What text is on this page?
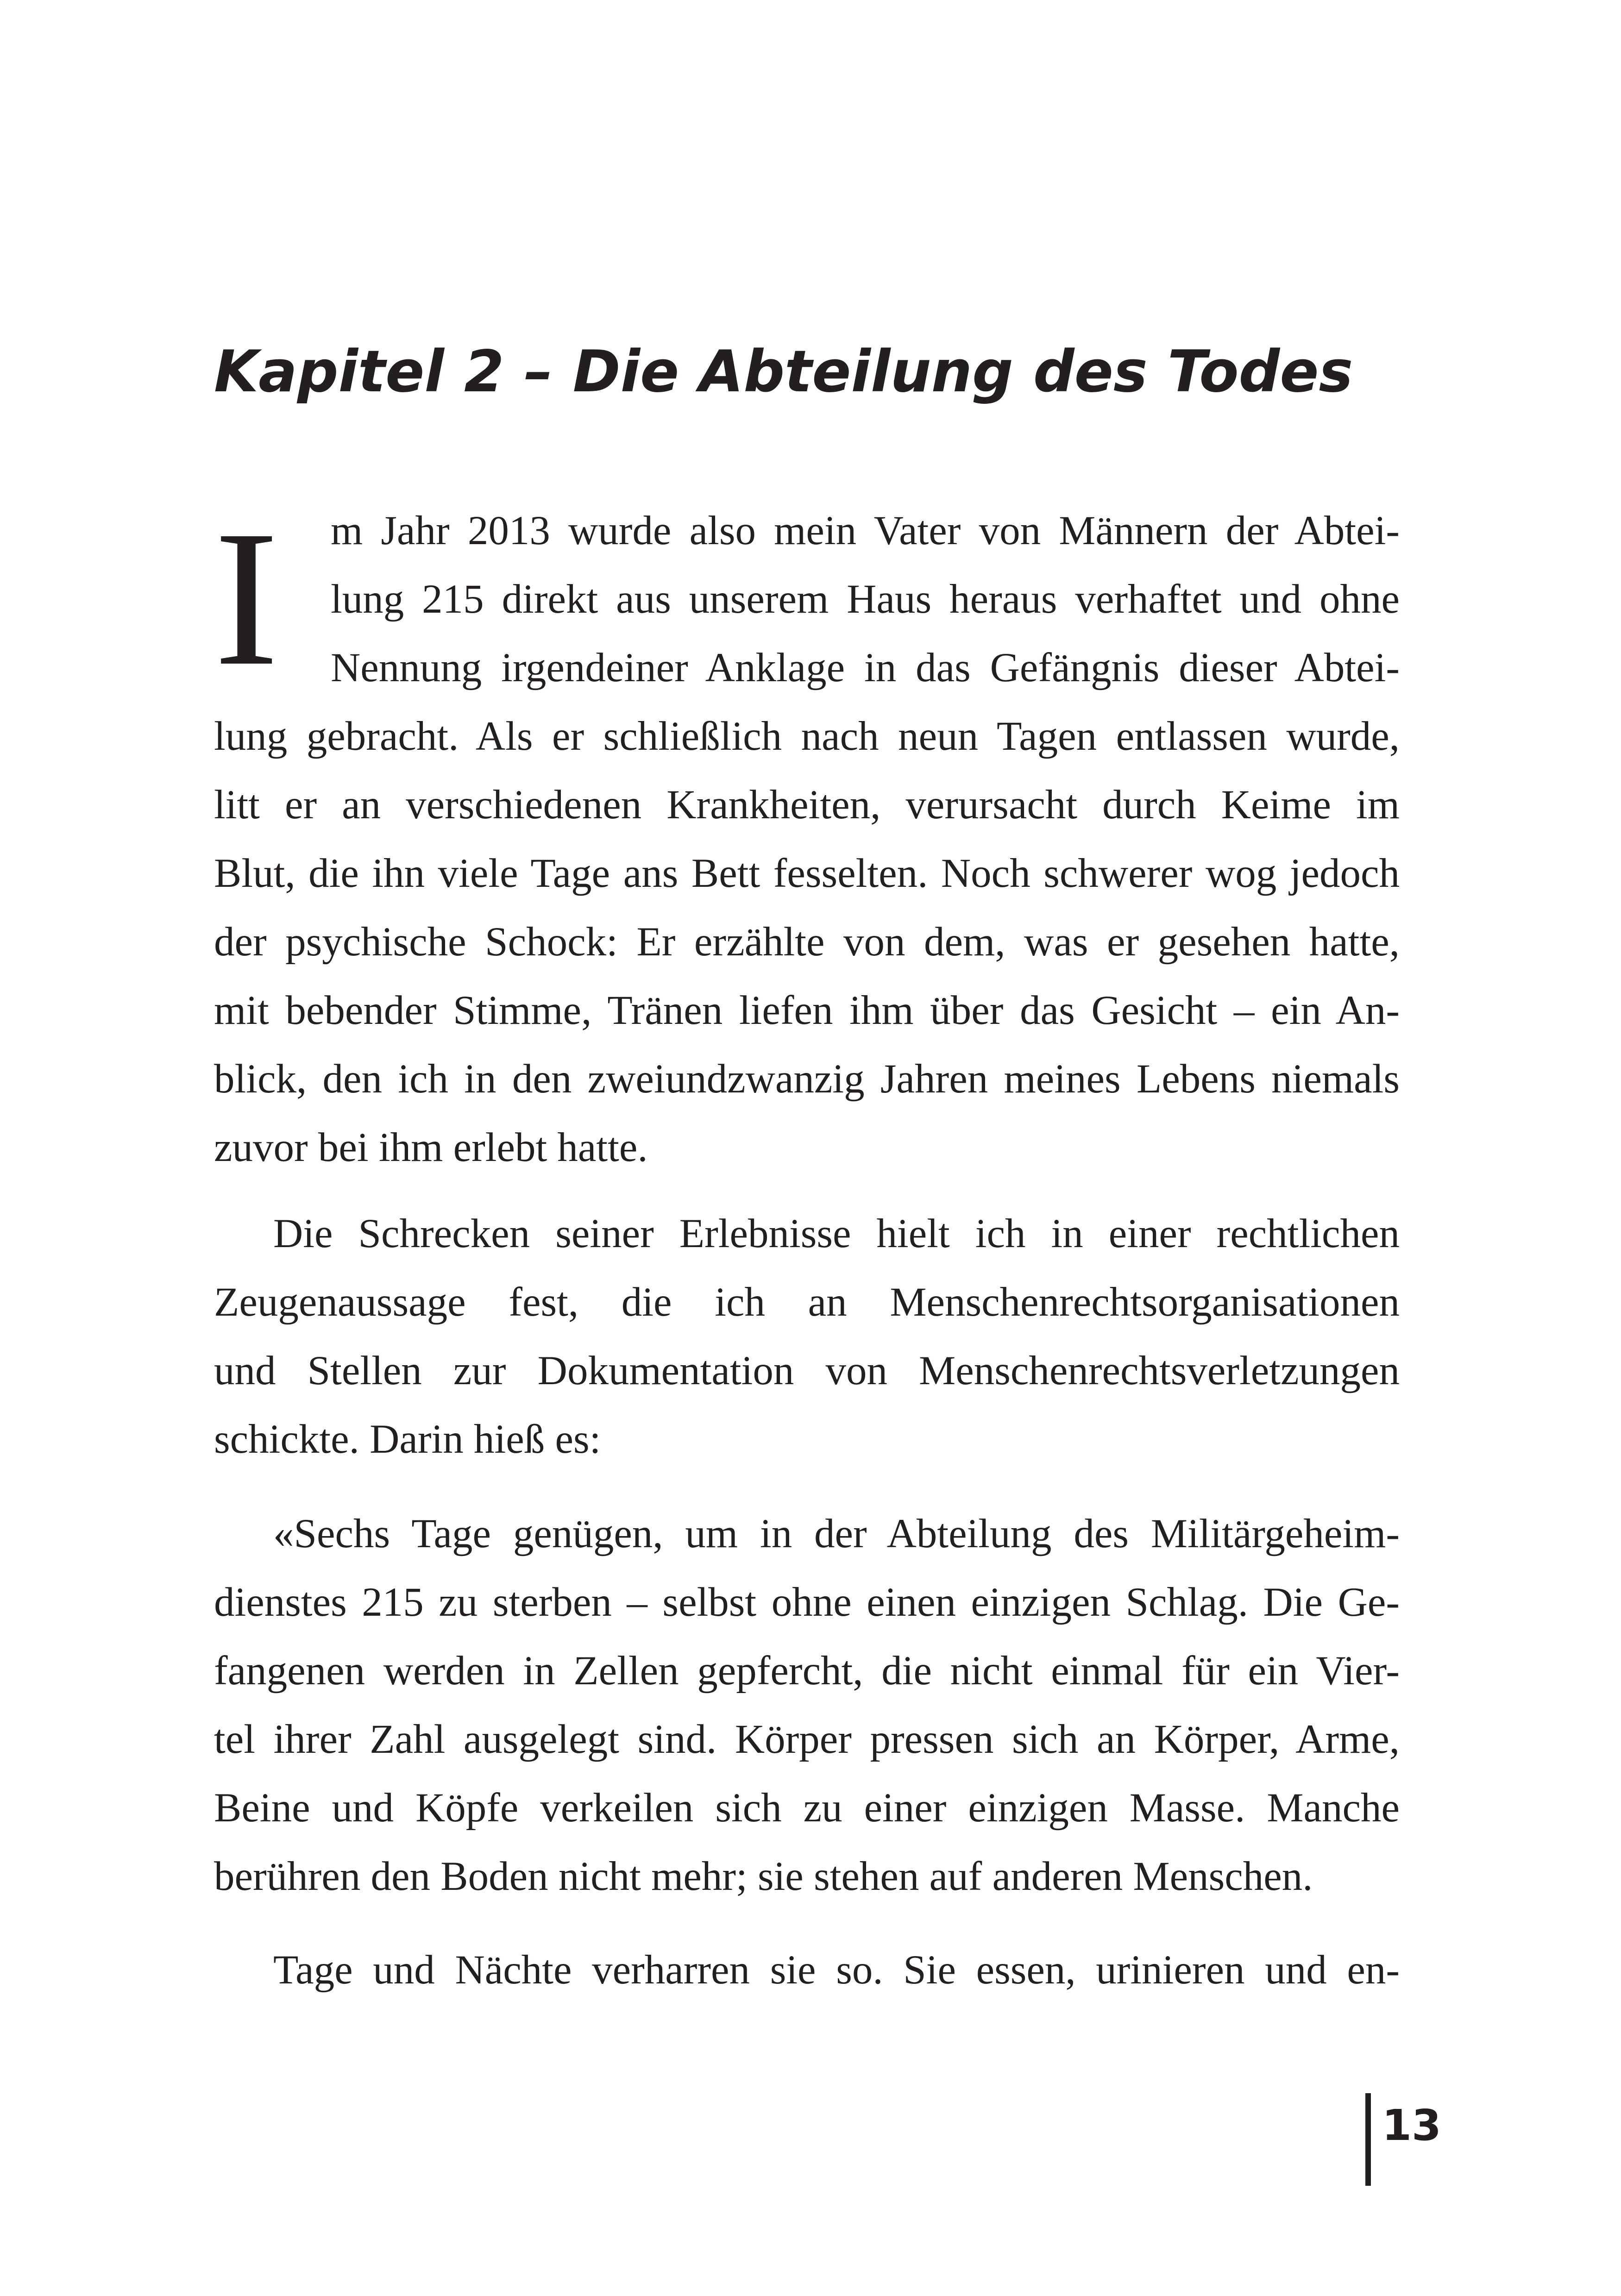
Kapitel 2 – Die Abteilung des Todes
I	m Jahr 2013 wurde also mein Vater von Männern der Abtei-
lung 215 direkt aus unserem Haus heraus verhaftet und ohne
Nennung irgendeiner Anklage in das Gefängnis dieser Abtei-
lung gebracht. Als er schließlich nach neun Tagen entlassen wurde,
litt er an verschiedenen Krankheiten, verursacht durch Keime im
Blut, die ihn viele Tage ans Bett fesselten. Noch schwerer wog jedoch
der psychische Schock: Er erzählte von dem, was er gesehen hatte,
mit bebender Stimme, Tränen liefen ihm über das Gesicht – ein An-
blick, den ich in den zweiundzwanzig Jahren meines Lebens niemals
zuvor bei ihm erlebt hatte.
Die Schrecken seiner Erlebnisse hielt ich in einer rechtlichen
Zeugenaussage fest, die ich an Menschenrechtsorganisationen
und Stellen zur Dokumentation von Menschenrechtsverletzungen
schickte. Darin hieß es:
«Sechs Tage genügen, um in der Abteilung des Militärgeheim-
dienstes 215 zu sterben – selbst ohne einen einzigen Schlag. Die Ge-
fangenen werden in Zellen gepfercht, die nicht einmal für ein Vier-
tel ihrer Zahl ausgelegt sind. Körper pressen sich an Körper, Arme,
Beine und Köpfe verkeilen sich zu einer einzigen Masse. Manche
berühren den Boden nicht mehr; sie stehen auf anderen Menschen.
Tage und Nächte verharren sie so. Sie essen, urinieren und en-
13
